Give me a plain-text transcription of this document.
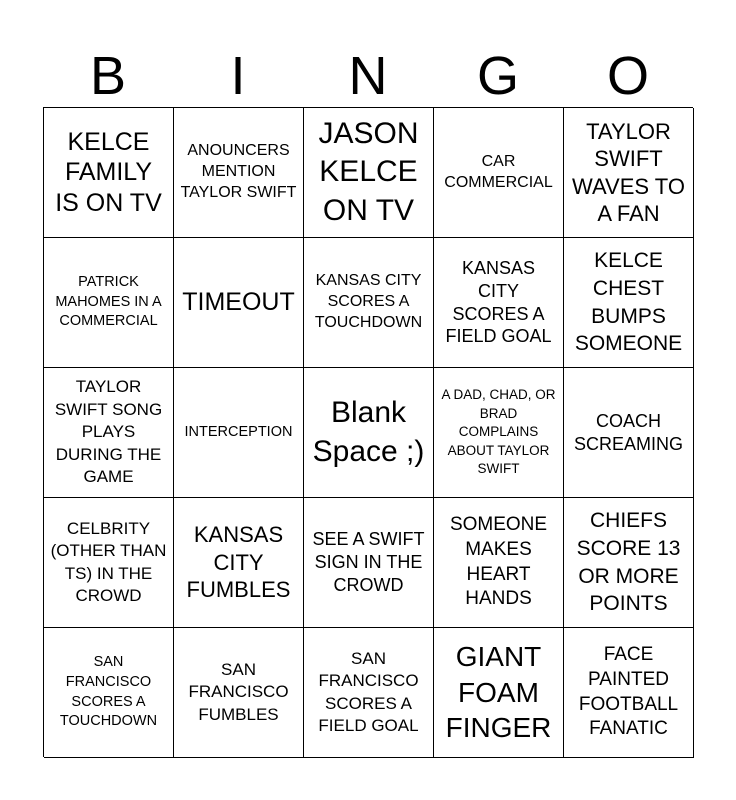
B	I	N	G	O
KELCE FAMILY IS ON TV
ANOUNCERS MENTION TAYLOR SWIFT
JASON KELCE ON TV
CAR COMMERCIAL
TAYLOR SWIFT WAVES TO A FAN
PATRICK MAHOMES IN A COMMERCIAL
TIMEOUT
KANSAS CITY SCORES A TOUCHDOWN
KANSAS CITY SCORES A FIELD GOAL
KELCE CHEST BUMPS SOMEONE
TAYLOR SWIFT SONG PLAYS DURING THE GAME
INTERCEPTION
Blank Space ;)
A DAD, CHAD, OR BRAD COMPLAINS ABOUT TAYLOR SWIFT
COACH SCREAMING
CELBRITY (OTHER THAN TS) IN THE CROWD
KANSAS CITY FUMBLES
SEE A SWIFT SIGN IN THE CROWD
SOMEONE MAKES HEART HANDS
CHIEFS SCORE 13 OR MORE POINTS
SAN FRANCISCO SCORES A TOUCHDOWN
SAN FRANCISCO FUMBLES
SAN FRANCISCO SCORES A FIELD GOAL
GIANT FOAM FINGER
FACE PAINTED FOOTBALL FANATIC
